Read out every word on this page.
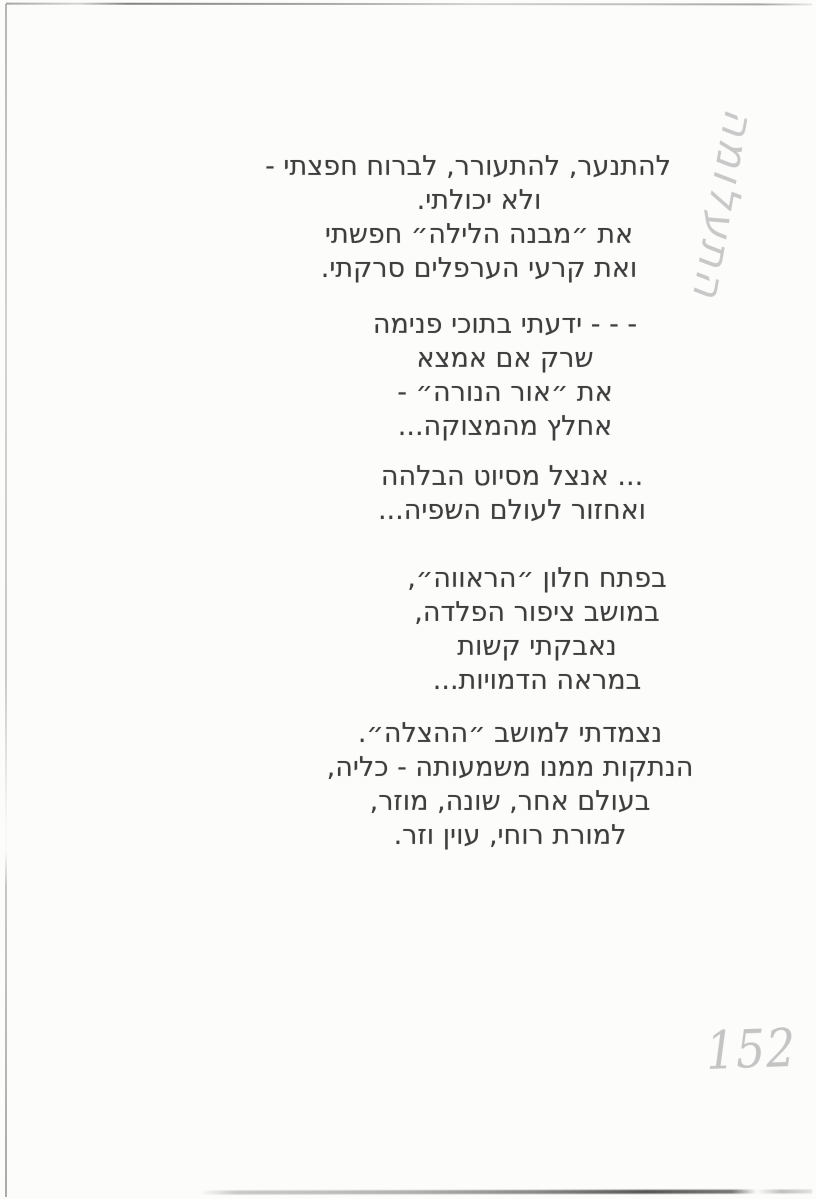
התעלומה
להתנער, להתעורר, לברוח חפצתי -
ולא יכולתי.
את ״מבנה הלילה״ חפשתי
ואת קרעי הערפלים סרקתי.
- - - ידעתי בתוכי פנימה
שרק אם אמצא
את ״אור הנורה״ -
אחלץ מהמצוקה...
... אנצל מסיוט הבלהה
ואחזור לעולם השפיה...
בפתח חלון ״הראווה״,
במושב ציפור הפלדה,
נאבקתי קשות
במראה הדמויות...
נצמדתי למושב ״ההצלה״.
הנתקות ממנו משמעותה - כליה,
בעולם אחר, שונה, מוזר,
למורת רוחי, עוין וזר.
152
